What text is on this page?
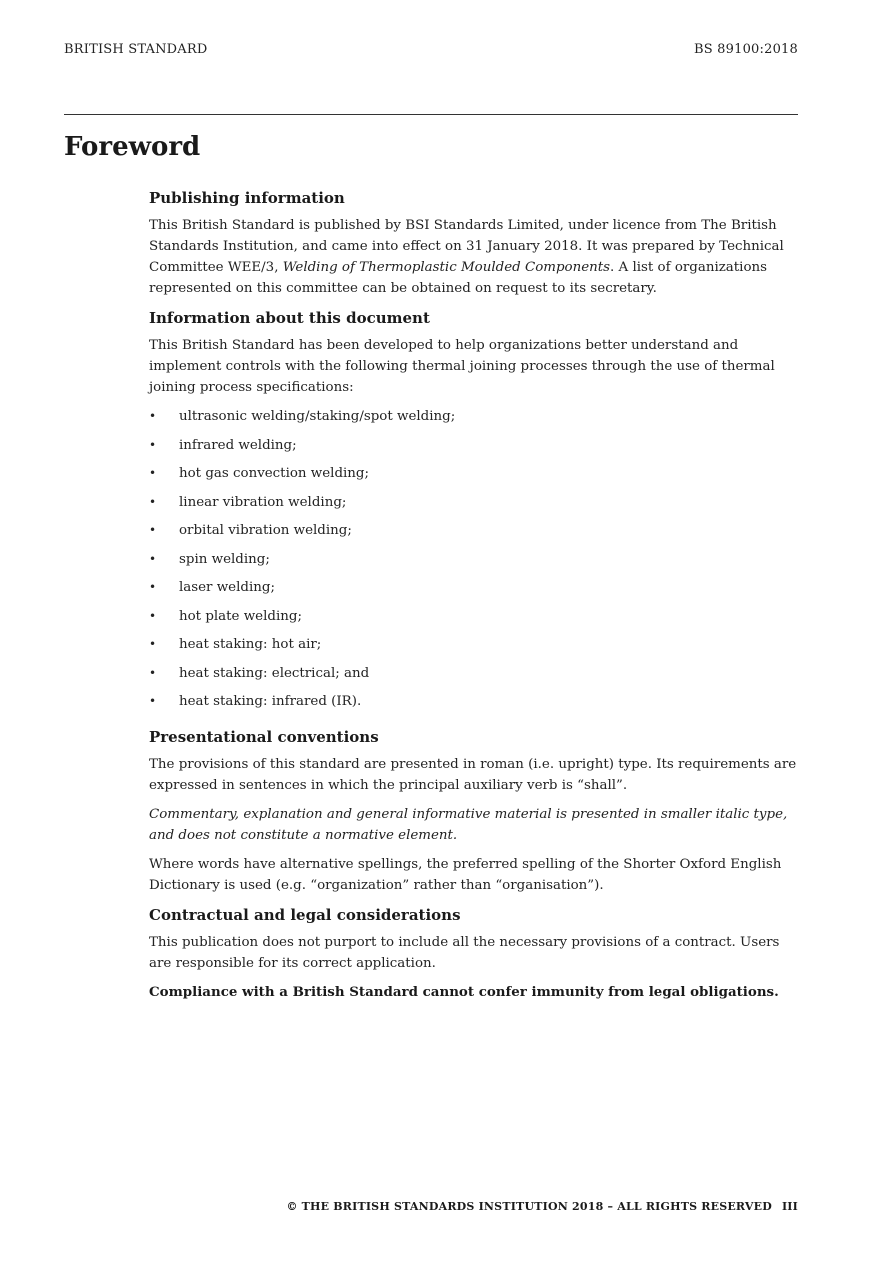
BRITISH STANDARD	BS 89100:2018
Foreword
Publishing information

This British Standard is published by BSI Standards Limited, under licence from The British Standards Institution, and came into effect on 31 January 2018. It was prepared by Technical Committee WEE/3, Welding of Thermoplastic Moulded Components. A list of organizations represented on this committee can be obtained on request to its secretary.

Information about this document

This British Standard has been developed to help organizations better understand and implement controls with the following thermal joining processes through the use of thermal joining process specifications:

• ultrasonic welding/staking/spot welding;
• infrared welding;
• hot gas convection welding;
• linear vibration welding;
• orbital vibration welding;
• spin welding;
• laser welding;
• hot plate welding;
• heat staking: hot air;
• heat staking: electrical; and
• heat staking: infrared (IR).
Presentational conventions

The provisions of this standard are presented in roman (i.e. upright) type. Its requirements are expressed in sentences in which the principal auxiliary verb is “shall”.

Commentary, explanation and general informative material is presented in smaller italic type, and does not constitute a normative element.

Where words have alternative spellings, the preferred spelling of the Shorter Oxford English Dictionary is used (e.g. “organization” rather than “organisation”).

Contractual and legal considerations

This publication does not purport to include all the necessary provisions of a contract. Users are responsible for its correct application.

Compliance with a British Standard cannot confer immunity from legal obligations.

© THE BRITISH STANDARDS INSTITUTION 2018 – ALL RIGHTS RESERVED III
